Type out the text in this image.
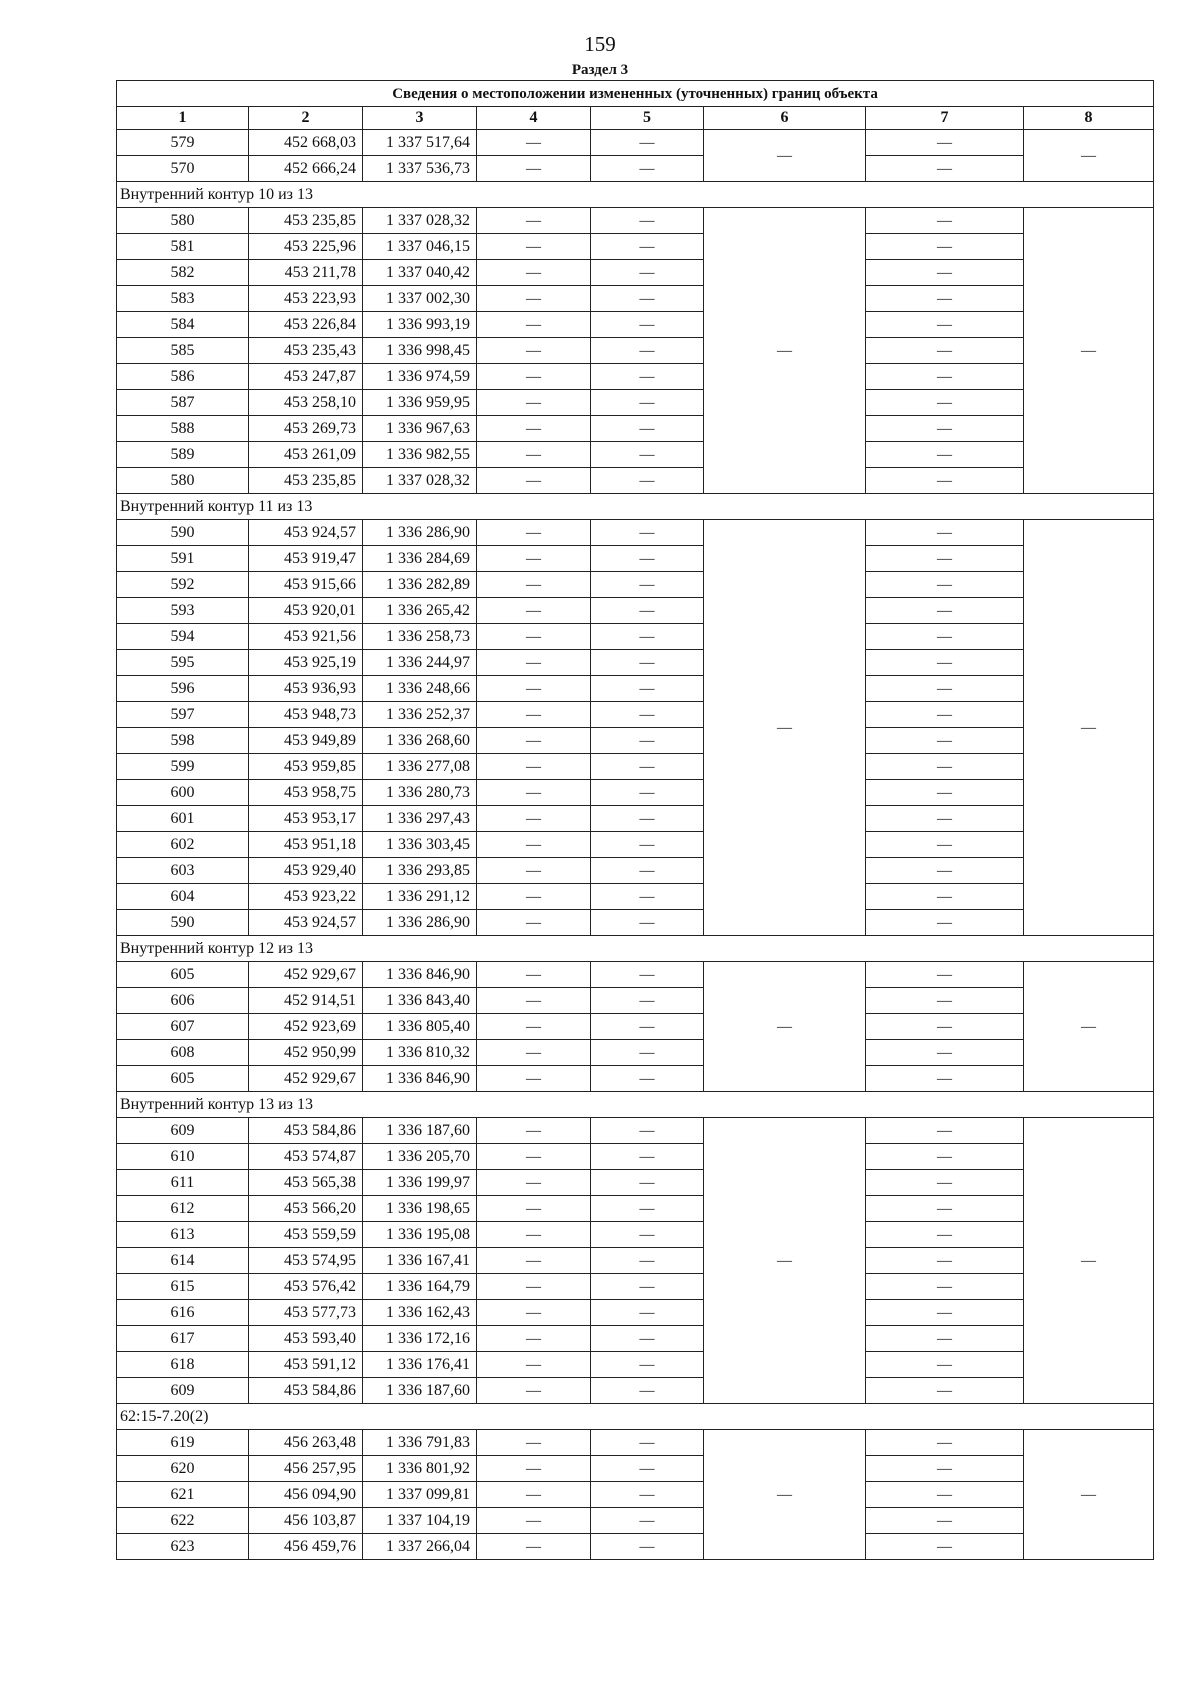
159
Раздел 3
Сведения о местоположении измененных (уточненных) границ объекта							
1	2	3	4	5	6	7	8
579	452 668,03	1 337 517,64	—	—	—	—	—
570	452 666,24	1 337 536,73	—	—		—	
Внутренний контур 10 из 13							
580	453 235,85	1 337 028,32	—	—	—	—	—
581	453 225,96	1 337 046,15	—	—		—	
582	453 211,78	1 337 040,42	—	—		—	
583	453 223,93	1 337 002,30	—	—		—	
584	453 226,84	1 336 993,19	—	—		—	
585	453 235,43	1 336 998,45	—	—		—	
586	453 247,87	1 336 974,59	—	—		—	
587	453 258,10	1 336 959,95	—	—		—	
588	453 269,73	1 336 967,63	—	—		—	
589	453 261,09	1 336 982,55	—	—		—	
580	453 235,85	1 337 028,32	—	—		—	
Внутренний контур 11 из 13							
590	453 924,57	1 336 286,90	—	—	—	—	—
591	453 919,47	1 336 284,69	—	—		—	
592	453 915,66	1 336 282,89	—	—		—	
593	453 920,01	1 336 265,42	—	—		—	
594	453 921,56	1 336 258,73	—	—		—	
595	453 925,19	1 336 244,97	—	—		—	
596	453 936,93	1 336 248,66	—	—		—	
597	453 948,73	1 336 252,37	—	—		—	
598	453 949,89	1 336 268,60	—	—		—	
599	453 959,85	1 336 277,08	—	—		—	
600	453 958,75	1 336 280,73	—	—		—	
601	453 953,17	1 336 297,43	—	—		—	
602	453 951,18	1 336 303,45	—	—		—	
603	453 929,40	1 336 293,85	—	—		—	
604	453 923,22	1 336 291,12	—	—		—	
590	453 924,57	1 336 286,90	—	—		—	
Внутренний контур 12 из 13							
605	452 929,67	1 336 846,90	—	—	—	—	—
606	452 914,51	1 336 843,40	—	—		—	
607	452 923,69	1 336 805,40	—	—		—	
608	452 950,99	1 336 810,32	—	—		—	
605	452 929,67	1 336 846,90	—	—		—	
Внутренний контур 13 из 13							
609	453 584,86	1 336 187,60	—	—	—	—	—
610	453 574,87	1 336 205,70	—	—		—	
611	453 565,38	1 336 199,97	—	—		—	
612	453 566,20	1 336 198,65	—	—		—	
613	453 559,59	1 336 195,08	—	—		—	
614	453 574,95	1 336 167,41	—	—		—	
615	453 576,42	1 336 164,79	—	—		—	
616	453 577,73	1 336 162,43	—	—		—	
617	453 593,40	1 336 172,16	—	—		—	
618	453 591,12	1 336 176,41	—	—		—	
609	453 584,86	1 336 187,60	—	—		—	
62:15-7.20(2)							
619	456 263,48	1 336 791,83	—	—	—	—	—
620	456 257,95	1 336 801,92	—	—		—	
621	456 094,90	1 337 099,81	—	—		—	
622	456 103,87	1 337 104,19	—	—		—	
623	456 459,76	1 337 266,04	—	—		—	
